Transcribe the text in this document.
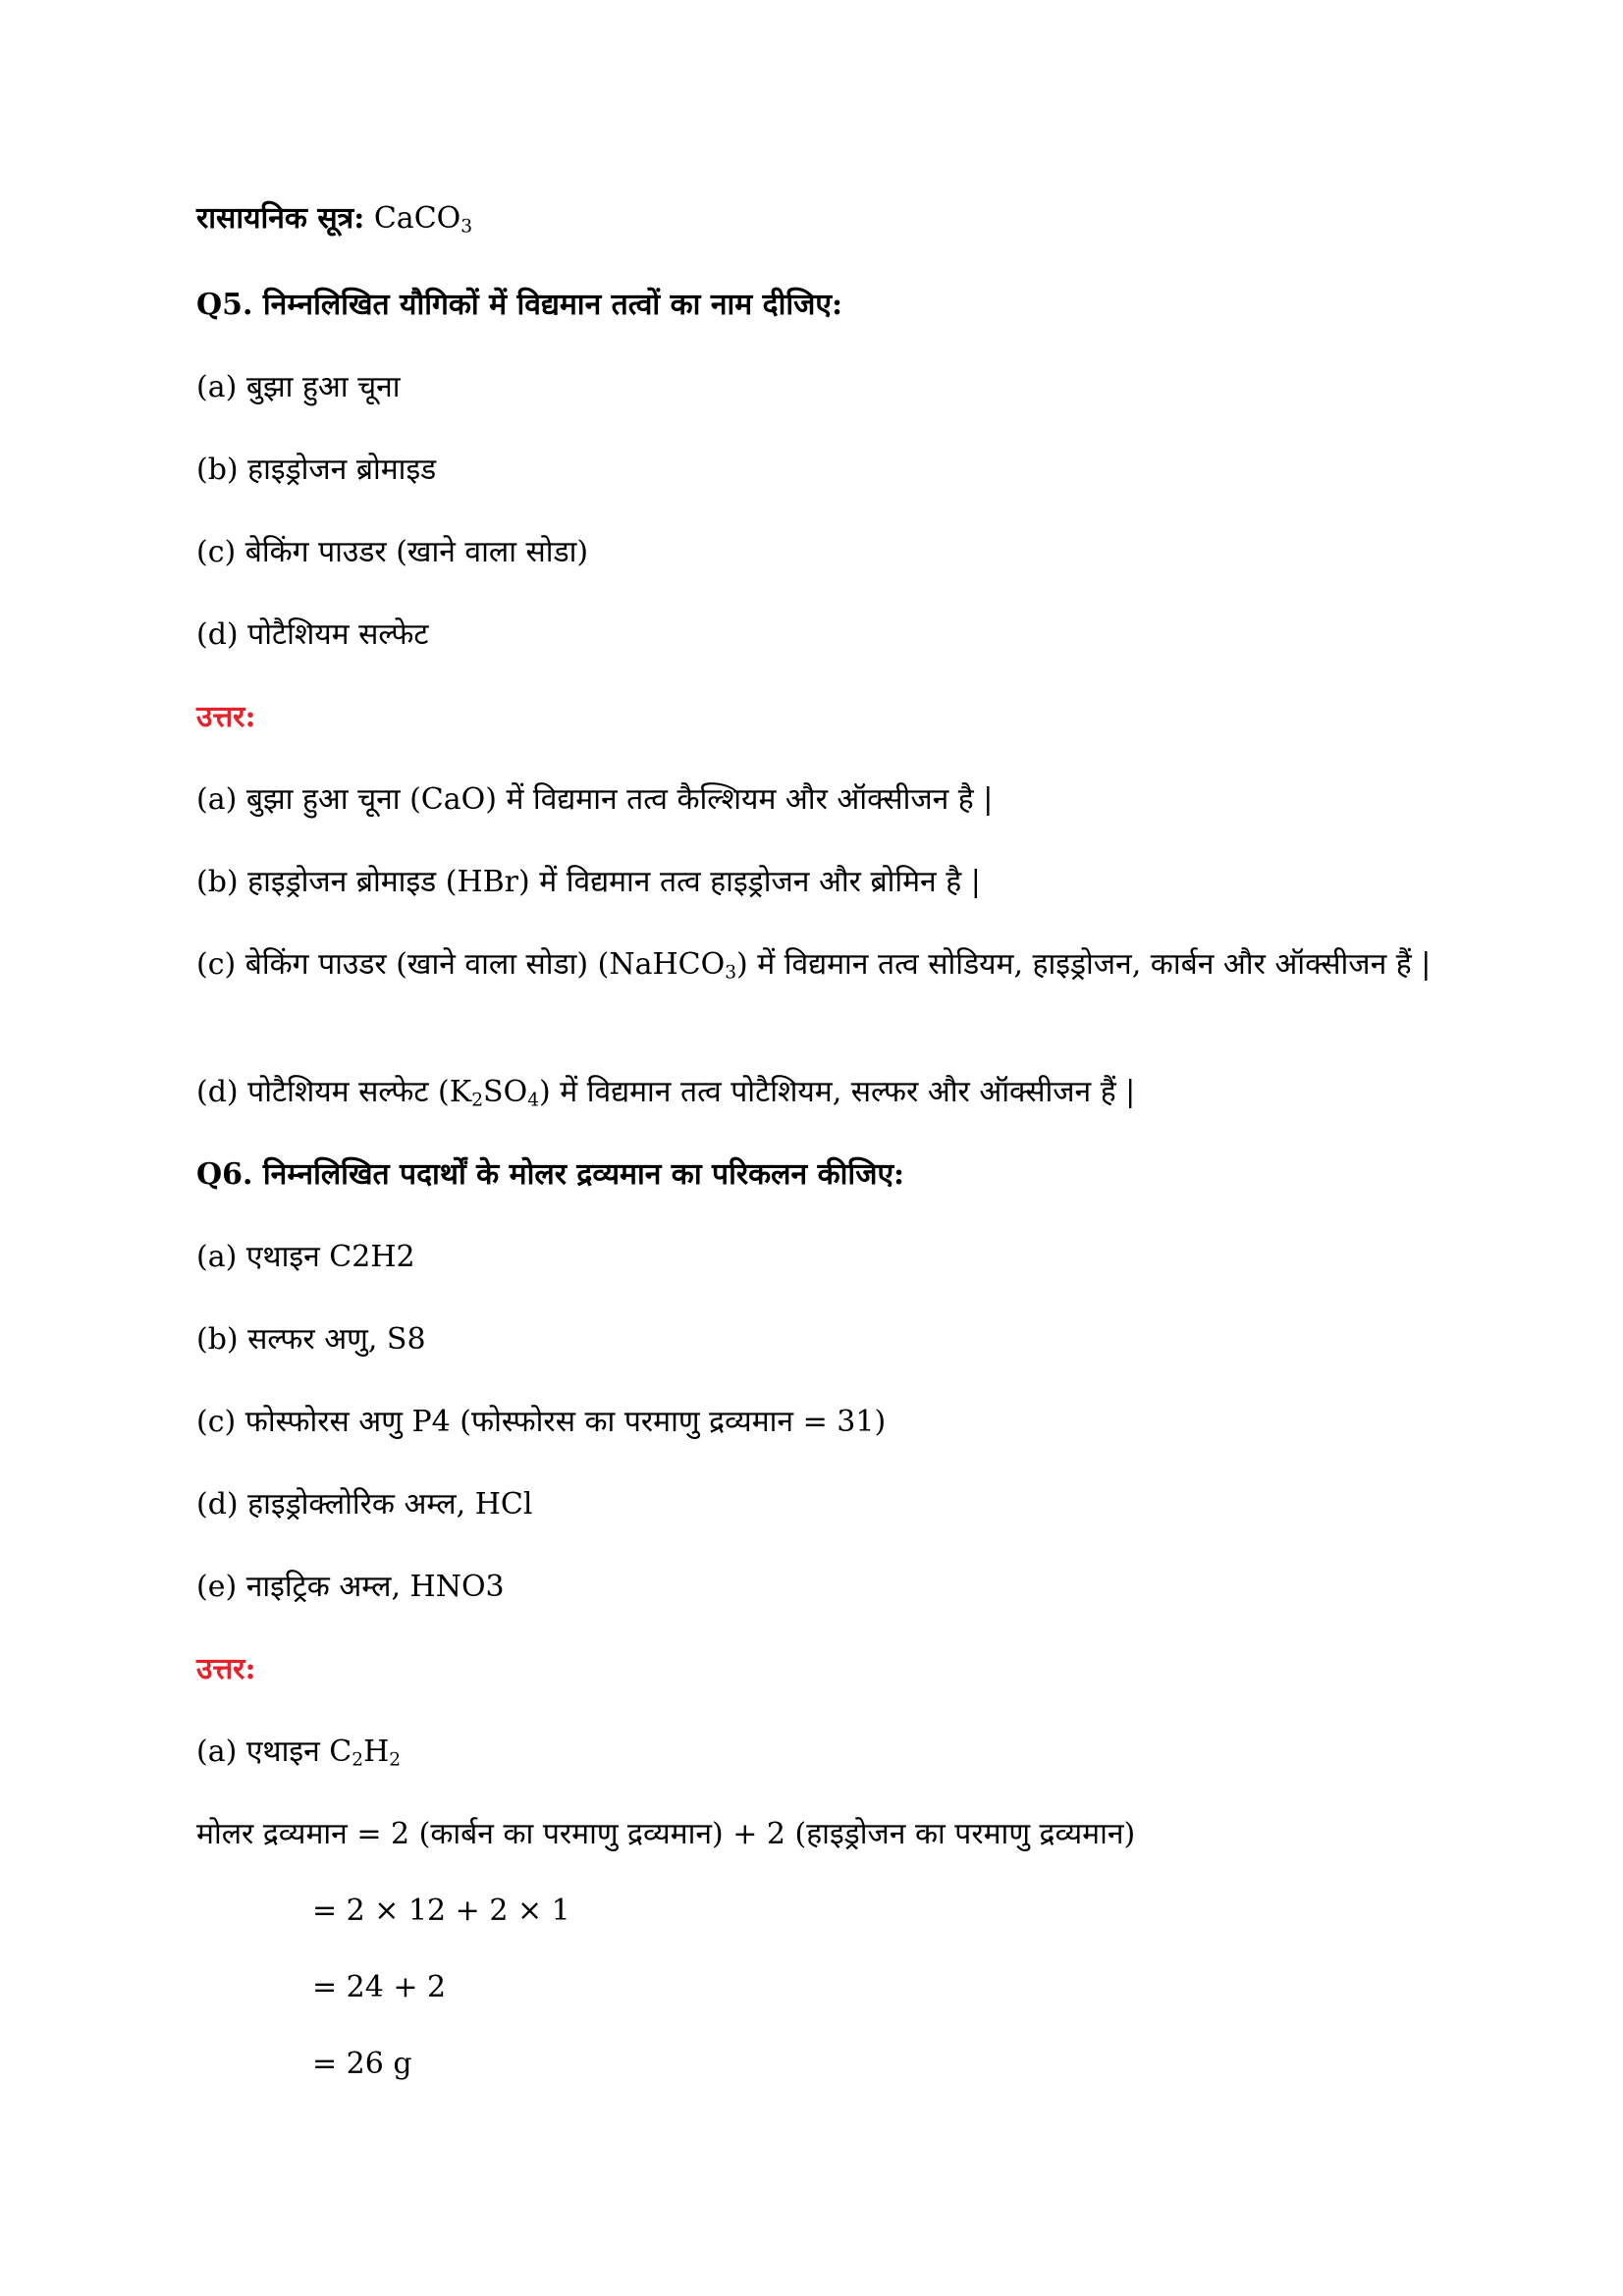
रासायनिक सूत्र: CaCO$_3$

Q5. निम्नलिखित यौगिकों में विद्यमान तत्वों का नाम दीजिए:

(a) बुझा हुआ चूना

(b) हाइड्रोजन ब्रोमाइड

(c) बेकिंग पाउडर (खाने वाला सोडा)

(d) पोटैशियम सल्फेट

उत्तर:

(a) बुझा हुआ चूना (CaO) में विद्यमान तत्व कैल्शियम और ऑक्सीजन है |

(b) हाइड्रोजन ब्रोमाइड (HBr) में विद्यमान तत्व हाइड्रोजन और ब्रोमिन है |

(c) बेकिंग पाउडर (खाने वाला सोडा) (NaHCO$_3$) में विद्यमान तत्व सोडियम, हाइड्रोजन, कार्बन और ऑक्सीजन हैं |

(d) पोटैशियम सल्फेट $(K_2SO_4)$ में विद्यमान तत्व पोटैशियम, सल्फर और ऑक्सीजन हैं |

Q6. निम्नलिखित पदार्थों के मोलर द्रव्यमान का परिकलन कीजिए:

(a) एथाइन C2H2

(b) सल्फर अणु, S8

(c) फोस्फोरस अणु P4 (फोस्फोरस का परमाणु द्रव्यमान = 31)

(d) हाइड्रोक्लोरिक अम्ल, HCl

(e) नाइट्रिक अम्ल, HNO3

उत्तर:

(a) एथाइन $C_2H_2$

मोलर द्रव्यमान = 2 (कार्बन का परमाणु द्रव्यमान) + 2 (हाइड्रोजन का परमाणु द्रव्यमान)

= 2 × 12 + 2 × 1

= 24 + 2

= 26 g
